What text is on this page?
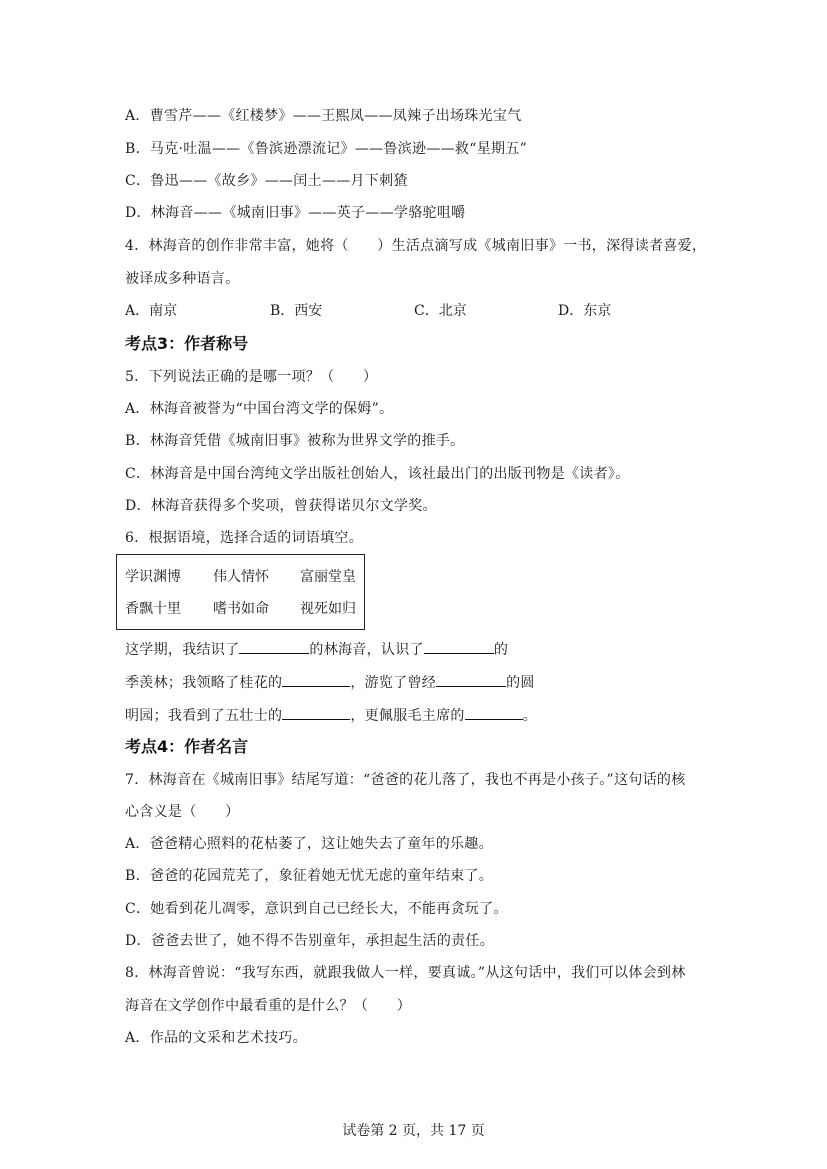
A．曹雪芹——《红楼梦》——王熙凤——凤辣子出场珠光宝气
B．马克·吐温——《鲁滨逊漂流记》——鲁滨逊——救“星期五”
C．鲁迅——《故乡》——闰土——月下刺猹
D．林海音——《城南旧事》——英子——学骆驼咀嚼
4．林海音的创作非常丰富，她将（　　）生活点滴写成《城南旧事》一书，深得读者喜爱，
被译成多种语言。
A．南京	B．西安	C．北京	D．东京
考点3：作者称号
5．下列说法正确的是哪一项？（　　）
A．林海音被誉为“中国台湾文学的保姆”。
B．林海音凭借《城南旧事》被称为世界文学的推手。
C．林海音是中国台湾纯文学出版社创始人，该社最出门的出版刊物是《读者》。
D．林海音获得多个奖项，曾获得诺贝尔文学奖。
6．根据语境，选择合适的词语填空。
学识渊博 伟人情怀 富丽堂皇
香飘十里 嗜书如命 视死如归
这学期，我结识了	的林海音，认识了	的
季羡林；我领略了桂花的	，游览了曾经	的圆
明园；我看到了五壮士的	，更佩服毛主席的	。
考点4：作者名言
7．林海音在《城南旧事》结尾写道：“爸爸的花儿落了，我也不再是小孩子。”这句话的核
心含义是（　　）
A．爸爸精心照料的花枯萎了，这让她失去了童年的乐趣。
B．爸爸的花园荒芜了，象征着她无忧无虑的童年结束了。
C．她看到花儿凋零，意识到自己已经长大，不能再贪玩了。
D．爸爸去世了，她不得不告别童年，承担起生活的责任。
8．林海音曾说：“我写东西，就跟我做人一样，要真诚。”从这句话中，我们可以体会到林
海音在文学创作中最看重的是什么？（　　）
A．作品的文采和艺术技巧。
试卷第 2 页，共 17 页
